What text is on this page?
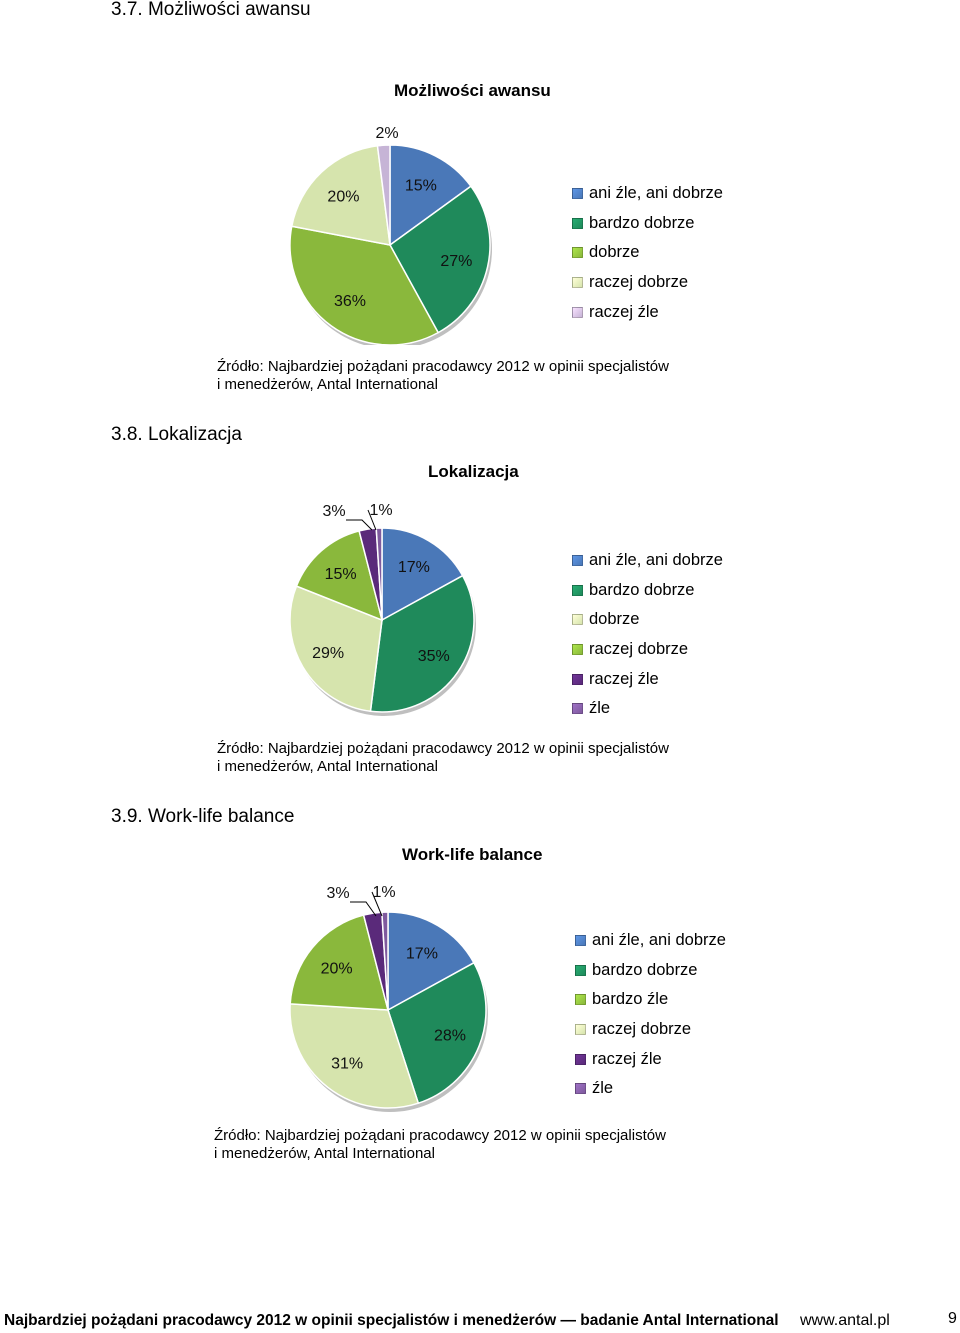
3.7. Możliwości awansu
3.8. Lokalizacja
3.9. Work-life balance
Możliwości awansu
15%
27%
36%
20%
2%
ani źle, ani dobrze
bardzo dobrze
dobrze
raczej dobrze
raczej źle
Źródło: Najbardziej pożądani pracodawcy 2012 w opinii specjalistów
i menedżerów, Antal International
Lokalizacja
17%
35%
29%
15%
3% 1%
ani źle, ani dobrze
bardzo dobrze
dobrze
raczej dobrze
raczej źle
źle
Źródło: Najbardziej pożądani pracodawcy 2012 w opinii specjalistów
i menedżerów, Antal International
Work-life balance
17%
28%
31%
20%
3% 1%
ani źle, ani dobrze
bardzo dobrze
bardzo źle
raczej dobrze
raczej źle
źle
Źródło: Najbardziej pożądani pracodawcy 2012 w opinii specjalistów
i menedżerów, Antal International
Najbardziej pożądani pracodawcy 2012 w opinii specjalistów i menedżerów — badanie Antal International www.antal.pl	9
